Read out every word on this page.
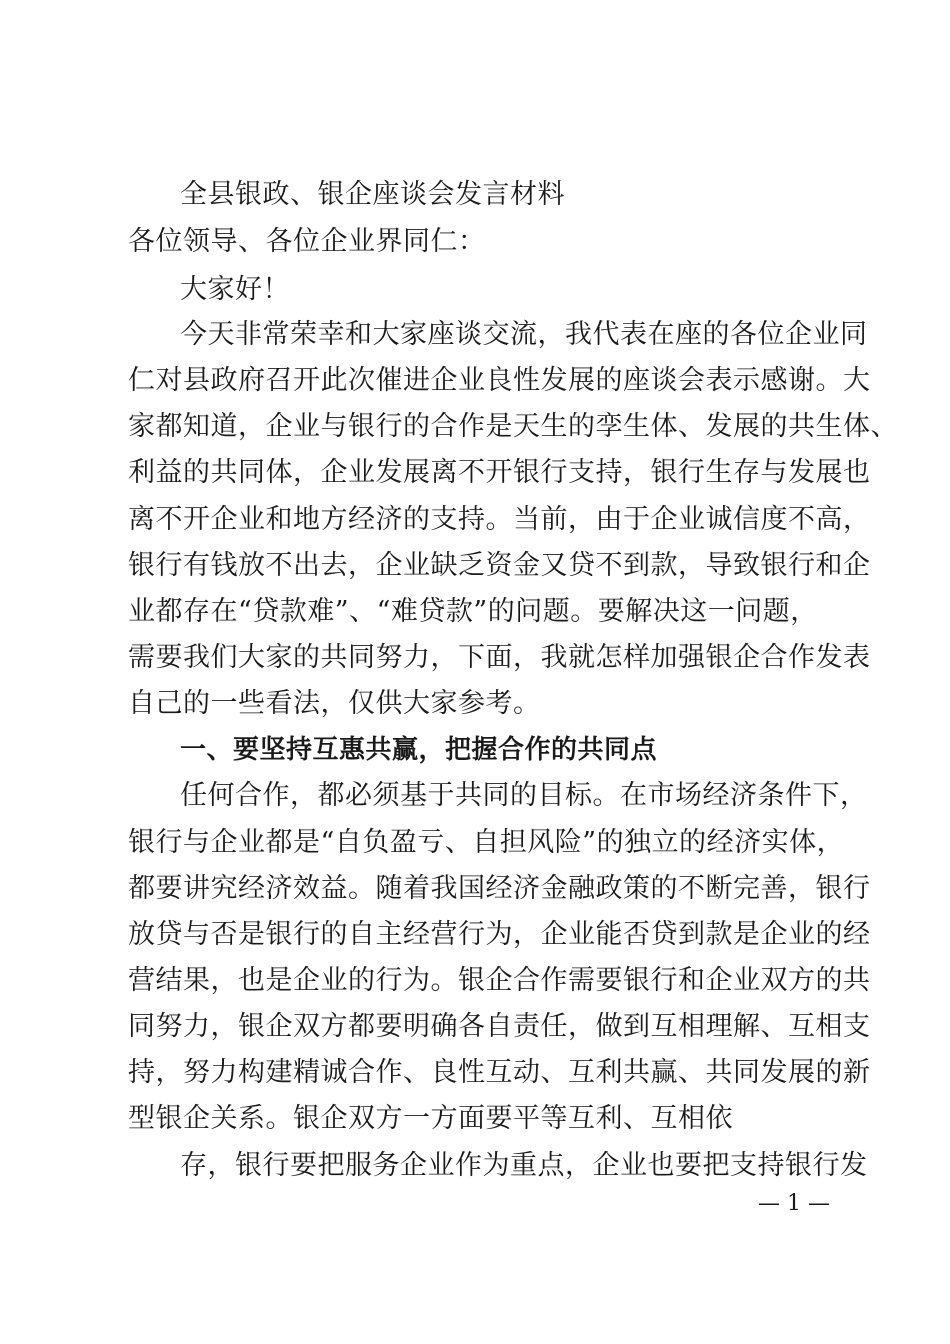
全县银政、银企座谈会发言材料
各位领导、各位企业界同仁：
大家好！
今天非常荣幸和大家座谈交流，我代表在座的各位企业同
仁对县政府召开此次催进企业良性发展的座谈会表示感谢。大
家都知道，企业与银行的合作是天生的孪生体、发展的共生体、
利益的共同体，企业发展离不开银行支持，银行生存与发展也
离不开企业和地方经济的支持。当前，由于企业诚信度不高，
银行有钱放不出去，企业缺乏资金又贷不到款，导致银行和企
业都存在“贷款难”、“难贷款”的问题。要解决这一问题，
需要我们大家的共同努力，下面，我就怎样加强银企合作发表
自己的一些看法，仅供大家参考。
一、要坚持互惠共赢，把握合作的共同点
任何合作，都必须基于共同的目标。在市场经济条件下，
银行与企业都是“自负盈亏、自担风险”的独立的经济实体，
都要讲究经济效益。随着我国经济金融政策的不断完善，银行
放贷与否是银行的自主经营行为，企业能否贷到款是企业的经
营结果，也是企业的行为。银企合作需要银行和企业双方的共
同努力，银企双方都要明确各自责任，做到互相理解、互相支
持，努力构建精诚合作、良性互动、互利共赢、共同发展的新
型银企关系。银企双方一方面要平等互利、互相依
存，银行要把服务企业作为重点，企业也要把支持银行发
— 1 —
